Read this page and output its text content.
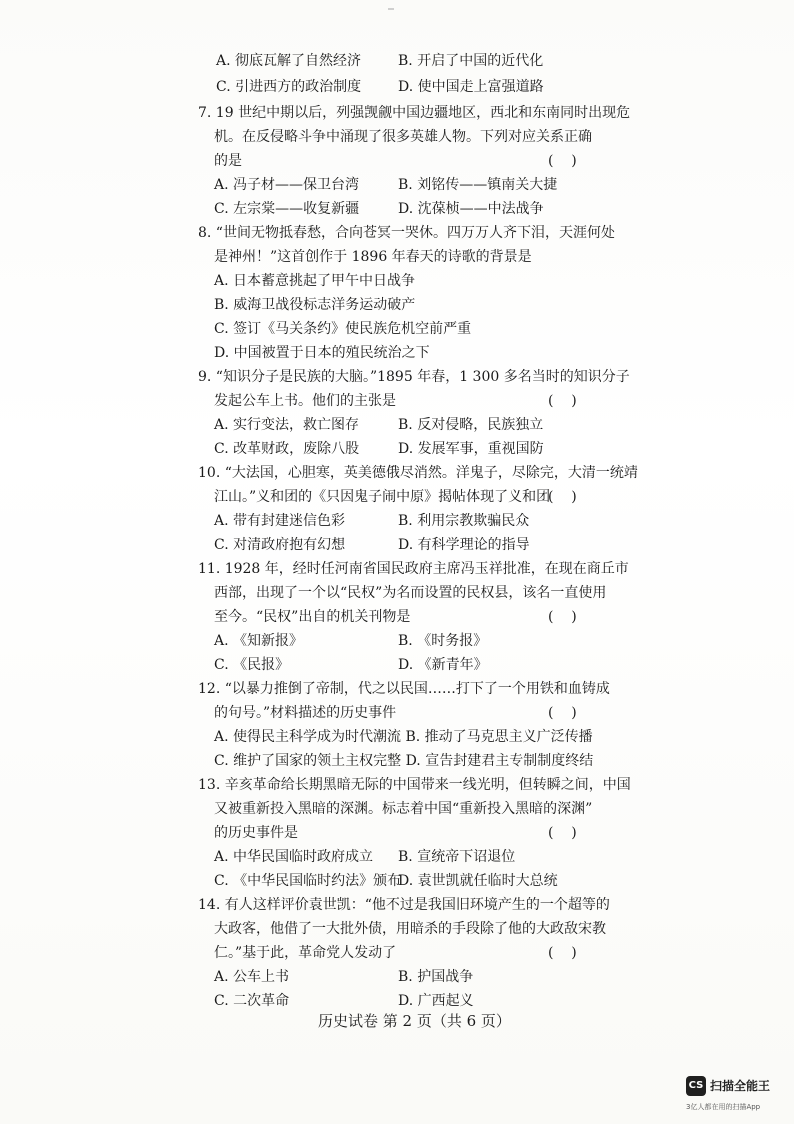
A. 彻底瓦解了自然经济	B. 开启了中国的近代化
C. 引进西方的政治制度	D. 使中国走上富强道路
7. 19 世纪中期以后，列强觊觎中国边疆地区，西北和东南同时出现危
机。在反侵略斗争中涌现了很多英雄人物。下列对应关系正确
的是
A. 冯子材——保卫台湾	B. 刘铭传——镇南关大捷
C. 左宗棠——收复新疆	D. 沈葆桢——中法战争
8. “世间无物抵春愁，合向苍冥一哭休。四万万人齐下泪，天涯何处
是神州！”这首创作于 1896 年春天的诗歌的背景是
A. 日本蓄意挑起了甲午中日战争
B. 威海卫战役标志洋务运动破产
C. 签订《马关条约》使民族危机空前严重
D. 中国被置于日本的殖民统治之下
9. “知识分子是民族的大脑。”1895 年春，1 300 多名当时的知识分子
发起公车上书。他们的主张是
A. 实行变法，救亡图存	B. 反对侵略，民族独立
C. 改革财政，废除八股	D. 发展军事，重视国防
10. “大法国，心胆寒，英美德俄尽消然。洋鬼子，尽除完，大清一统靖
江山。”义和团的《只因鬼子闹中原》揭帖体现了义和团
A. 带有封建迷信色彩	B. 利用宗教欺骗民众
C. 对清政府抱有幻想	D. 有科学理论的指导
11. 1928 年，经时任河南省国民政府主席冯玉祥批准，在现在商丘市
西部，出现了一个以“民权”为名而设置的民权县，该名一直使用
至今。“民权”出自的机关刊物是
A. 《知新报》	B. 《时务报》
C. 《民报》	D. 《新青年》
12. “以暴力推倒了帝制，代之以民国……打下了一个用铁和血铸成
的句号。”材料描述的历史事件
A. 使得民主科学成为时代潮流 B. 推动了马克思主义广泛传播
C. 维护了国家的领土主权完整 D. 宣告封建君主专制制度终结
13. 辛亥革命给长期黑暗无际的中国带来一线光明，但转瞬之间，中国
又被重新投入黑暗的深渊。标志着中国“重新投入黑暗的深渊”
的历史事件是
A. 中华民国临时政府成立 B. 宣统帝下诏退位
C. 《中华民国临时约法》颁布
D. 袁世凯就任临时大总统
14. 有人这样评价袁世凯：“他不过是我国旧环境产生的一个超等的
大政客，他借了一大批外债，用暗杀的手段除了他的大政敌宋教
仁。”基于此，革命党人发动了
A. 公车上书	B. 护国战争
C. 二次革命	D. 广西起义
(    )
(    )
(    )
(    )
(    )
(    )
(    )
历史试卷 第 2 页（共 6 页）
CS 扫描全能王
3亿人都在用的扫描App
